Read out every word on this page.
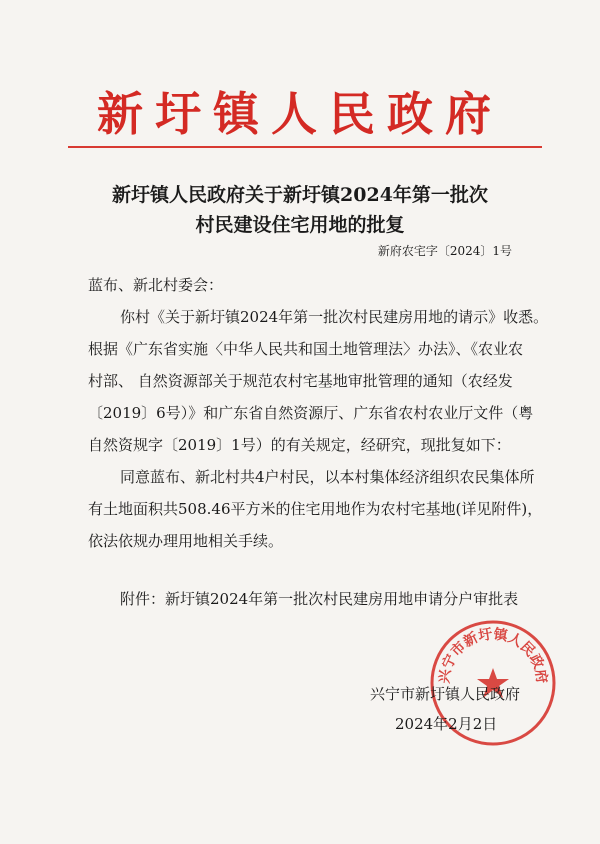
新圩镇人民政府
新圩镇人民政府关于新圩镇2024年第一批次
村民建设住宅用地的批复
新府农宅字〔2024〕1号
蓝布、新北村委会：
你村《关于新圩镇2024年第一批次村民建房用地的请示》收悉。
根据《广东省实施〈中华人民共和国土地管理法〉办法》、《农业农
村部、 自然资源部关于规范农村宅基地审批管理的通知（农经发
〔2019〕6号）》和广东省自然资源厅、广东省农村农业厅文件（粤
自然资规字〔2019〕1号）的有关规定，经研究，现批复如下：
同意蓝布、新北村共4户村民，以本村集体经济组织农民集体所
有土地面积共508.46平方米的住宅用地作为农村宅基地(详见附件)，
依法依规办理用地相关手续。
附件：新圩镇2024年第一批次村民建房用地申请分户审批表
兴宁市新圩镇人民政府
兴宁市新圩镇人民政府
2024年2月2日
